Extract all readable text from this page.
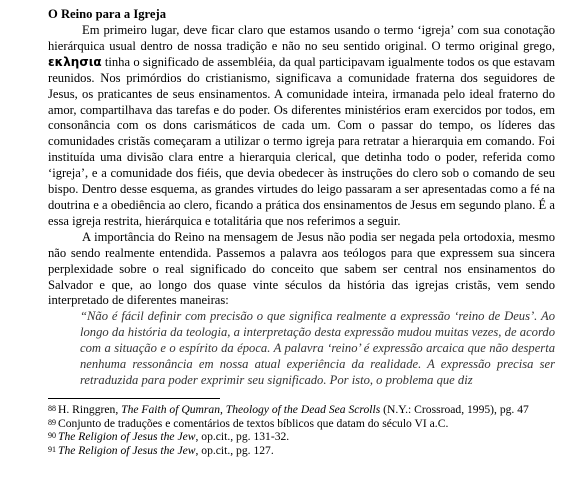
O Reino para a Igreja

Em primeiro lugar, deve ficar claro que estamos usando o termo ‘igreja’ com sua conotação hierárquica usual dentro de nossa tradição e não no seu sentido original. O termo original grego, εκλησια tinha o significado de assembléia, da qual participavam igualmente todos os que estavam reunidos. Nos primórdios do cristianismo, significava a comunidade fraterna dos seguidores de Jesus, os praticantes de seus ensinamentos. A comunidade inteira, irmanada pelo ideal fraterno do amor, compartilhava das tarefas e do poder. Os diferentes ministérios eram exercidos por todos, em consonância com os dons carismáticos de cada um. Com o passar do tempo, os líderes das comunidades cristãs começaram a utilizar o termo igreja para retratar a hierarquia em comando. Foi instituída uma divisão clara entre a hierarquia clerical, que detinha todo o poder, referida como ‘igreja’, e a comunidade dos fiéis, que devia obedecer às instruções do clero sob o comando de seu bispo. Dentro desse esquema, as grandes virtudes do leigo passaram a ser apresentadas como a fé na doutrina e a obediência ao clero, ficando a prática dos ensinamentos de Jesus em segundo plano. É a essa igreja restrita, hierárquica e totalitária que nos referimos a seguir.

A importância do Reino na mensagem de Jesus não podia ser negada pela ortodoxia, mesmo não sendo realmente entendida. Passemos a palavra aos teólogos para que expressem sua sincera perplexidade sobre o real significado do conceito que sabem ser central nos ensinamentos do Salvador e que, ao longo dos quase vinte séculos da história das igrejas cristãs, vem sendo interpretado de diferentes maneiras:

“Não é fácil definir com precisão o que significa realmente a expressão ‘reino de Deus’. Ao longo da história da teologia, a interpretação desta expressão mudou muitas vezes, de acordo com a situação e o espírito da época. A palavra ‘reino’ é expressão arcaica que não desperta nenhuma ressonância em nossa atual experiência da realidade. A expressão precisa ser retraduzida para poder exprimir seu significado. Por isto, o problema que diz

$^{88}$ H. Ringgren, The Faith of Qumran, Theology of the Dead Sea Scrolls (N.Y.: Crossroad, 1995), pg. 47

$^{89}$ Conjunto de traduções e comentários de textos bíblicos que datam do século VI a.C.

$^{90}$ The Religion of Jesus the Jew, op.cit., pg. 131-32.

$^{91}$ The Religion of Jesus the Jew, op.cit., pg. 127.
